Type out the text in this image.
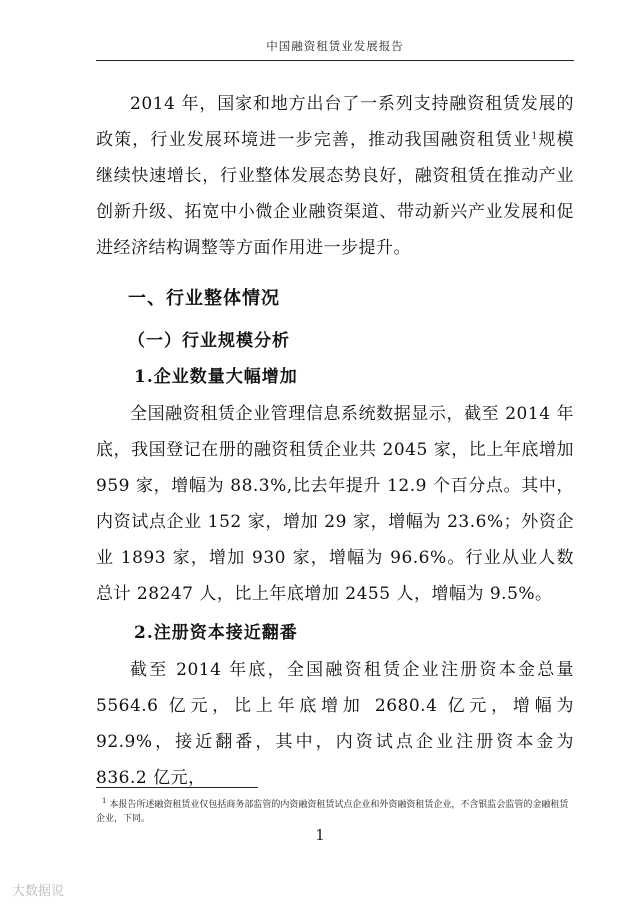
中国融资租赁业发展报告

2014 年，国家和地方出台了一系列支持融资租赁发展的政策，行业发展环境进一步完善，推动我国融资租赁业$^1$规模继续快速增长，行业整体发展态势良好，融资租赁在推动产业创新升级、拓宽中小微企业融资渠道、带动新兴产业发展和促进经济结构调整等方面作用进一步提升。

一、行业整体情况
（一）行业规模分析
1.企业数量大幅增加

全国融资租赁企业管理信息系统数据显示，截至 2014 年底，我国登记在册的融资租赁企业共 2045 家，比上年底增加 959 家，增幅为 88.3%,比去年提升 12.9 个百分点。其中，内资试点企业 152 家，增加 29 家，增幅为 23.6%；外资企业 1893 家，增加 930 家，增幅为 96.6%。行业从业人数总计 28247 人，比上年底增加 2455 人，增幅为 9.5%。

2.注册资本接近翻番

截至 2014 年底，全国融资租赁企业注册资本金总量 5564.6 亿元，比上年底增加 2680.4 亿元，增幅为 92.9%，接近翻番，其中，内资试点企业注册资本金为 836.2 亿元，

$^1$ 本报告所述融资租赁业仅包括商务部监管的内资融资租赁试点企业和外资融资租赁企业，不含银监会监管的金融租赁企业，下同。
1
大数据说
